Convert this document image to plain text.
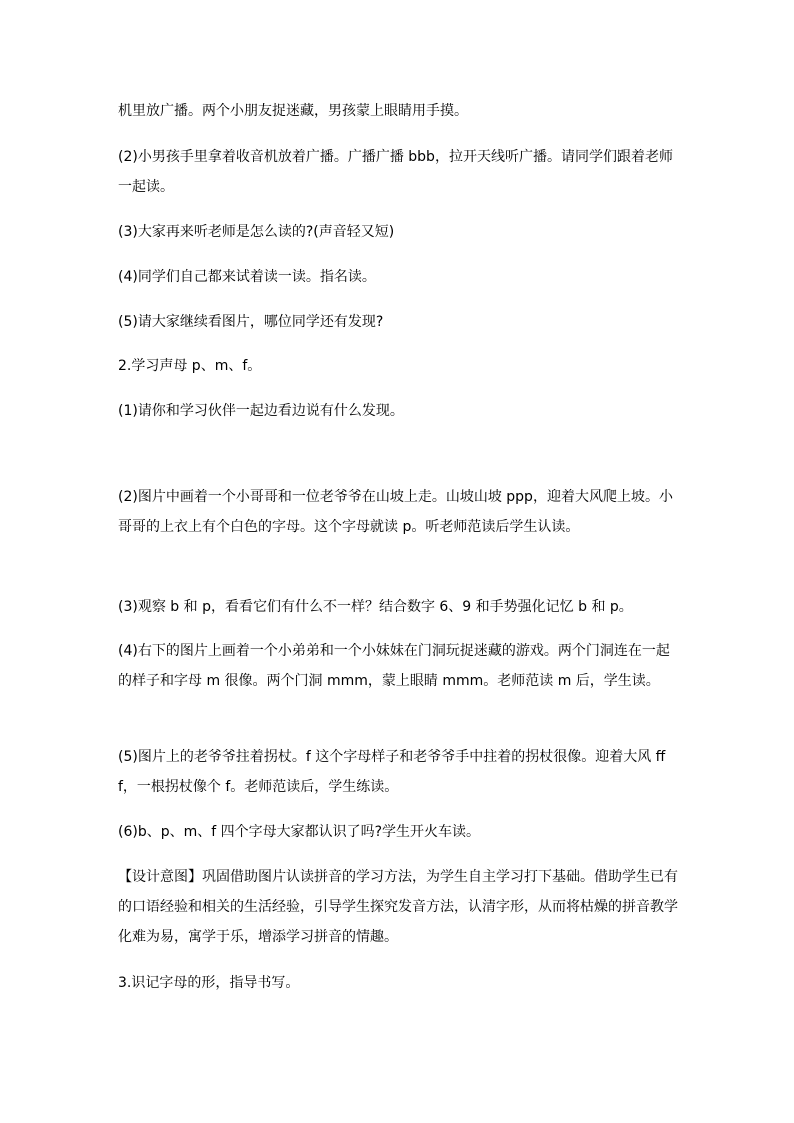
机里放广播。两个小朋友捉迷藏，男孩蒙上眼睛用手摸。

(2)小男孩手里拿着收音机放着广播。广播广播 bbb，拉开天线听广播。请同学们跟着老师一起读。

(3)大家再来听老师是怎么读的?(声音轻又短)

(4)同学们自己都来试着读一读。指名读。

(5)请大家继续看图片，哪位同学还有发现?

2.学习声母 p、m、f。

(1)请你和学习伙伴一起边看边说有什么发现。

(2)图片中画着一个小哥哥和一位老爷爷在山坡上走。山坡山坡 ppp，迎着大风爬上坡。小哥哥的上衣上有个白色的字母。这个字母就读 p。听老师范读后学生认读。

(3)观察 b 和 p，看看它们有什么不一样？结合数字 6、9 和手势强化记忆 b 和 p。

(4)右下的图片上画着一个小弟弟和一个小妹妹在门洞玩捉迷藏的游戏。两个门洞连在一起的样子和字母 m 很像。两个门洞 mmm，蒙上眼睛 mmm。老师范读 m 后，学生读。

(5)图片上的老爷爷拄着拐杖。f 这个字母样子和老爷爷手中拄着的拐杖很像。迎着大风 fff，一根拐杖像个 f。老师范读后，学生练读。

(6)b、p、m、f 四个字母大家都认识了吗?学生开火车读。

【设计意图】巩固借助图片认读拼音的学习方法，为学生自主学习打下基础。借助学生已有的口语经验和相关的生活经验，引导学生探究发音方法，认清字形，从而将枯燥的拼音教学化难为易，寓学于乐，增添学习拼音的情趣。

3.识记字母的形，指导书写。
